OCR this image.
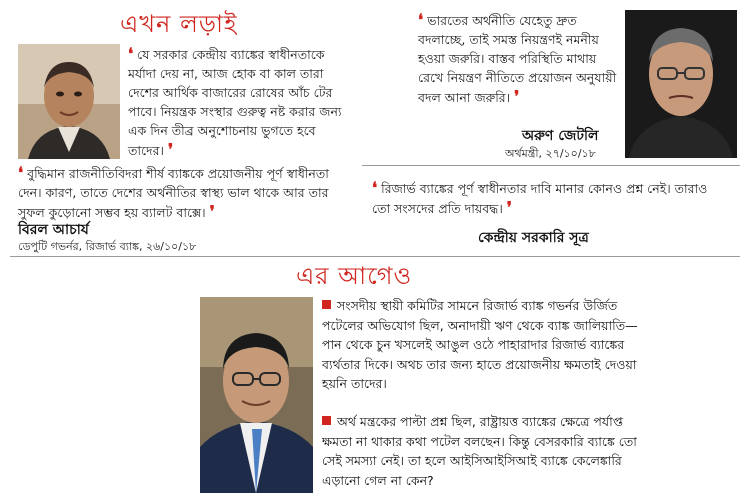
এখন লড়াই
❛ যে সরকার কেন্দ্রীয় ব্যাঙ্কের স্বাধীনতাকে মর্যাদা দেয় না, আজ হোক বা কাল তারা দেশের আর্থিক বাজারের রোষের আঁচ টের পাবে। নিয়ন্ত্রক সংস্থার গুরুত্ব নষ্ট করার জন্য এক দিন তীব্র অনুশোচনায় ভুগতে হবে তাদের। ❜
❛ বুদ্ধিমান রাজনীতিবিদরা শীর্ষ ব্যাঙ্ককে প্রয়োজনীয় পূর্ণ স্বাধীনতা দেন। কারণ, তাতে দেশের অর্থনীতির স্বাস্থ্য ভাল থাকে আর তার সুফল কুড়োনো সম্ভব হয় ব্যালট বাক্সে। ❜
বিরল আচার্য
ডেপুটি গভর্নর, রিজার্ভ ব্যাঙ্ক, ২৬/১০/১৮
❛ ভারতের অর্থনীতি যেহেতু দ্রুত বদলাচ্ছে, তাই সমস্ত নিয়ন্ত্রণই নমনীয় হওয়া জরুরি। বাস্তব পরিস্থিতি মাথায় রেখে নিয়ন্ত্রণ নীতিতে প্রয়োজন অনুযায়ী বদল আনা জরুরি। ❜
অরুণ জেটলি
অর্থমন্ত্রী, ২৭/১০/১৮
❛ রিজার্ভ ব্যাঙ্কের পূর্ণ স্বাধীনতার দাবি মানার কোনও প্রশ্ন নেই। তারাও তো সংসদের প্রতি দায়বদ্ধ। ❜
কেন্দ্রীয় সরকারি সূত্র
এর আগেও
সংসদীয় স্থায়ী কমিটির সামনে রিজার্ভ ব্যাঙ্ক গভর্নর উর্জিত পটেলের অভিযোগ ছিল, অনাদায়ী ঋণ থেকে ব্যাঙ্ক জালিয়াতি— পান থেকে চুন খসলেই আঙুল ওঠে পাহারাদার রিজার্ভ ব্যাঙ্কের ব্যর্থতার দিকে। অথচ তার জন্য হাতে প্রয়োজনীয় ক্ষমতাই দেওয়া হয়নি তাদের।
অর্থ মন্ত্রকের পাল্টা প্রশ্ন ছিল, রাষ্ট্রায়ত্ত ব্যাঙ্কের ক্ষেত্রে পর্যাপ্ত ক্ষমতা না থাকার কথা পটেল বলছেন। কিন্তু বেসরকারি ব্যাঙ্কে তো সেই সমস্যা নেই। তা হলে আইসিআইসিআই ব্যাঙ্কে কেলেঙ্কারি এড়ানো গেল না কেন?
